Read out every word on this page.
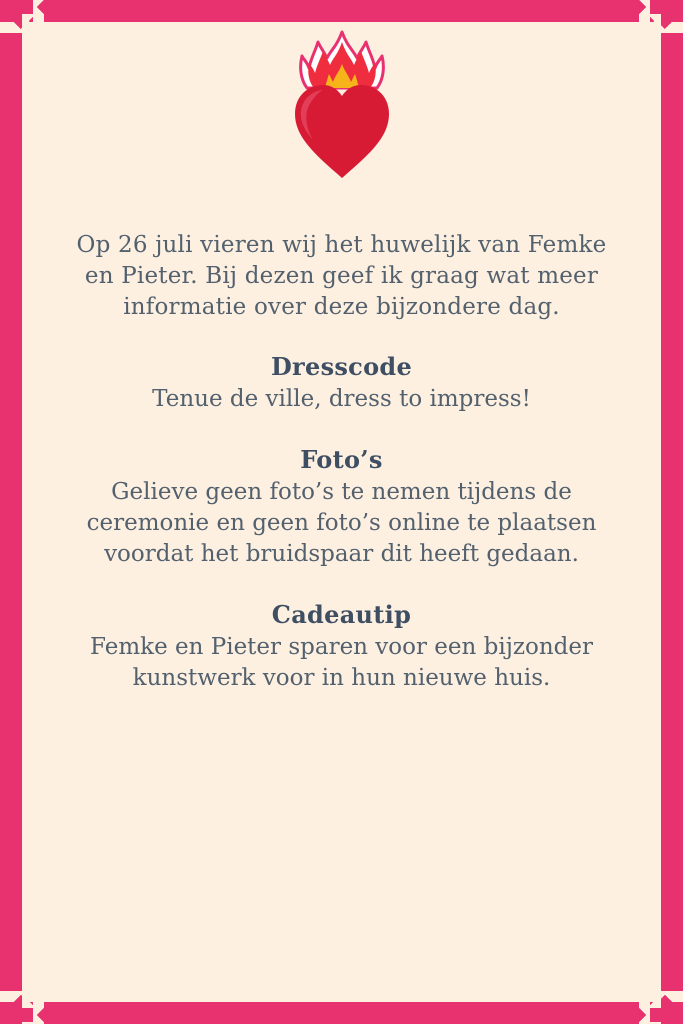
Op 26 juli vieren wij het huwelijk van Femke en Pieter. Bij dezen geef ik graag wat meer informatie over deze bijzondere dag.
Dresscode
Tenue de ville, dress to impress!
Foto’s
Gelieve geen foto’s te nemen tijdens de ceremonie en geen foto’s online te plaatsen voordat het bruidspaar dit heeft gedaan.
Cadeautip
Femke en Pieter sparen voor een bijzonder kunstwerk voor in hun nieuwe huis.
